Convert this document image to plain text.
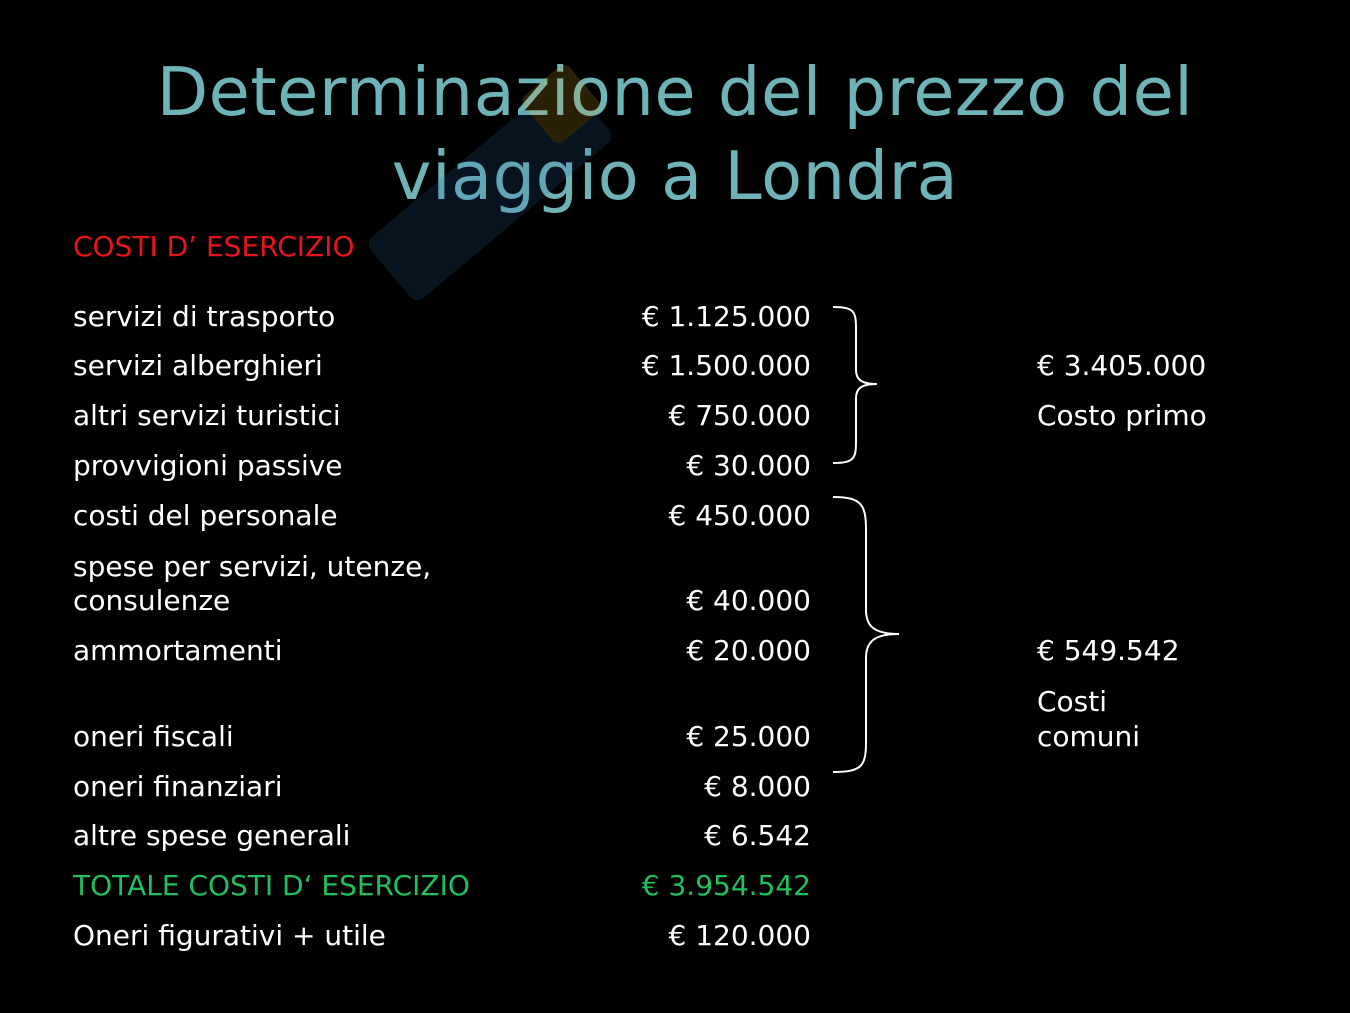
Determinazione del prezzo del
viaggio a Londra
COSTI D’ ESERCIZIO
servizi di trasporto	€ 1.125.000
servizi alberghieri	€ 1.500.000
altri servizi turistici	€ 750.000
provvigioni passive	€ 30.000
costi del personale	€ 450.000
spese per servizi, utenze,
consulenze	€ 40.000
ammortamenti	€ 20.000
oneri fiscali	€ 25.000
oneri finanziari	€ 8.000
altre spese generali	€ 6.542
TOTALE COSTI D‘ ESERCIZIO	€ 3.954.542
Oneri figurativi + utile	€ 120.000
€ 3.405.000
Costo primo
€ 549.542
Costi
comuni
